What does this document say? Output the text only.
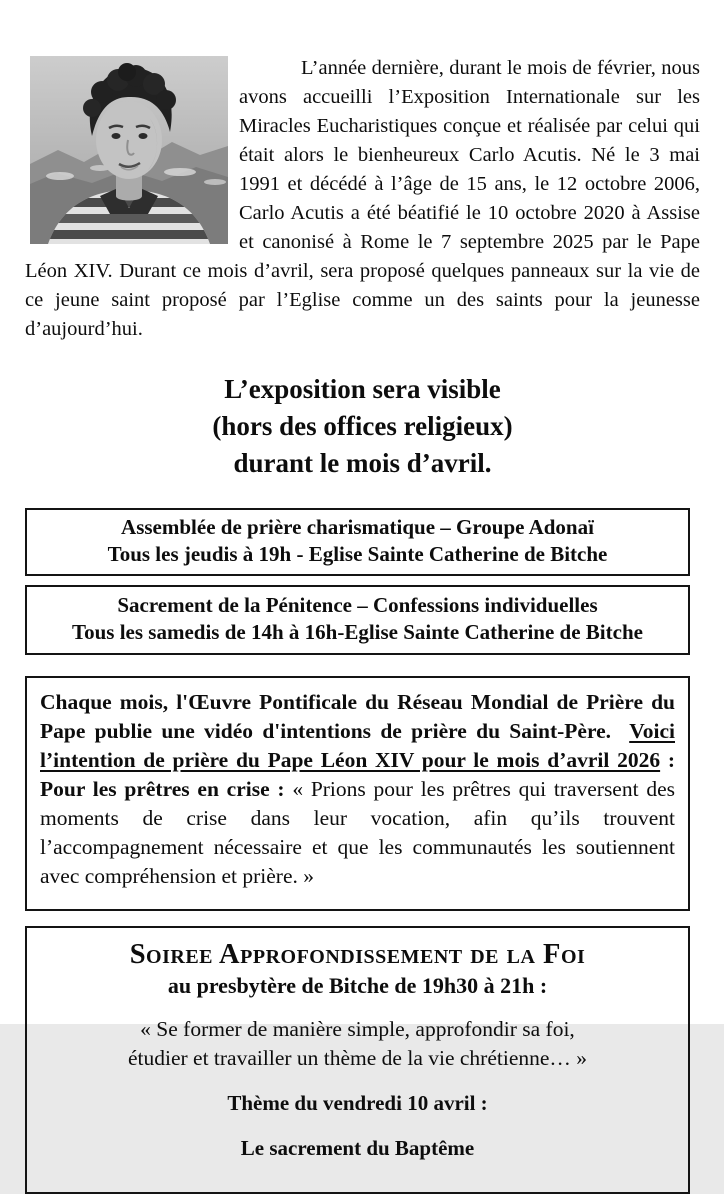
L’année dernière, durant le mois de février, nous avons accueilli l’Exposition Internationale sur les Miracles Eucharistiques conçue et réalisée par celui qui était alors le bienheureux Carlo Acutis. Né le 3 mai 1991 et décédé à l’âge de 15 ans, le 12 octobre 2006, Carlo Acutis a été béatifié le 10 octobre 2020 à Assise et canonisé à Rome le 7 septembre 2025 par le Pape Léon XIV. Durant ce mois d’avril, sera proposé quelques panneaux sur la vie de ce jeune saint proposé par l’Eglise comme un des saints pour la jeunesse d’aujourd’hui.

L’exposition sera visible
(hors des offices religieux)
durant le mois d’avril.
Assemblée de prière charismatique – Groupe Adonaï
Tous les jeudis à 19h - Eglise Sainte Catherine de Bitche
Sacrement de la Pénitence – Confessions individuelles
Tous les samedis de 14h à 16h-Eglise Sainte Catherine de Bitche
Chaque mois, l'Œuvre Pontificale du Réseau Mondial de Prière du Pape publie une vidéo d'intentions de prière du Saint-Père.  Voici l’intention de prière du Pape Léon XIV pour le mois d’avril 2026 : Pour les prêtres en crise : « Prions pour les prêtres qui traversent des moments de crise dans leur vocation, afin qu’ils trouvent l’accompagnement nécessaire et que les communautés les soutiennent avec compréhension et prière. »
Soiree Approfondissement de la Foi
au presbytère de Bitche de 19h30 à 21h :
« Se former de manière simple, approfondir sa foi,
étudier et travailler un thème de la vie chrétienne… »
Thème du vendredi 10 avril :
Le sacrement du Baptême
